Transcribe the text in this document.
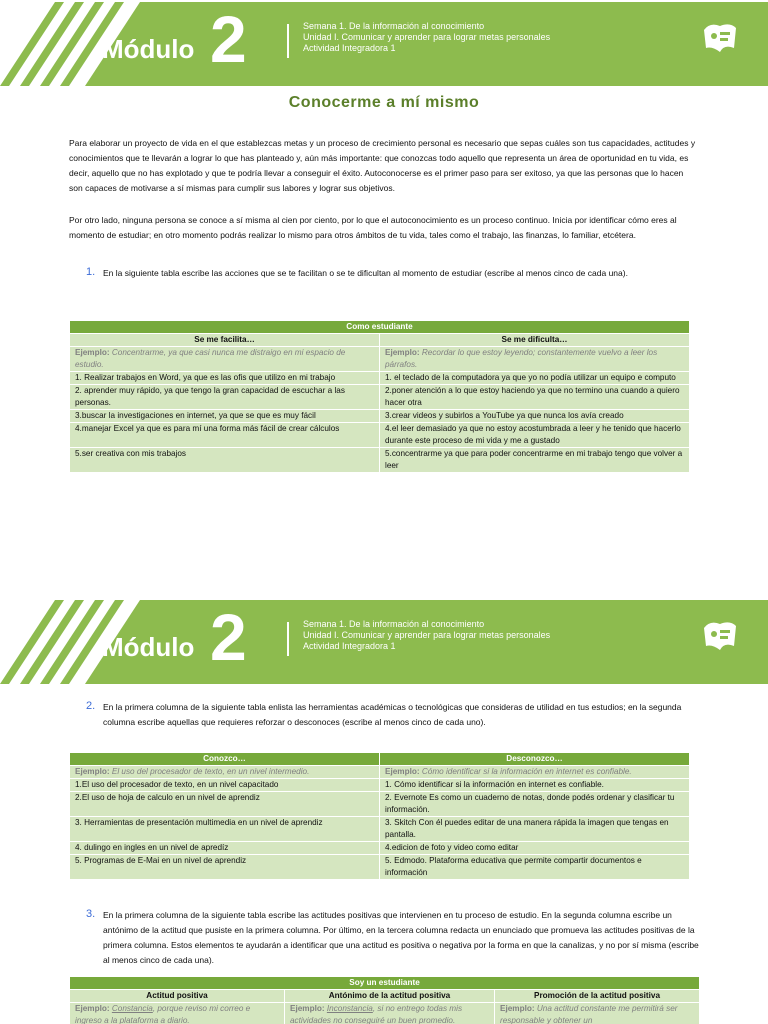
Módulo 2	Semana 1. De la información al conocimiento
Unidad I. Comunicar y aprender para lograr metas personales
Actividad Integradora 1
Conocerme a mí mismo
Para elaborar un proyecto de vida en el que establezcas metas y un proceso de crecimiento personal es necesario que sepas cuáles son tus capacidades, actitudes y conocimientos que te llevarán a lograr lo que has planteado y, aún más importante: que conozcas todo aquello que representa un área de oportunidad en tu vida, es decir, aquello que no has explotado y que te podría llevar a conseguir el éxito. Autoconocerse es el primer paso para ser exitoso, ya que las personas que lo hacen son capaces de motivarse a sí mismas para cumplir sus labores y lograr sus objetivos.
Por otro lado, ninguna persona se conoce a sí misma al cien por ciento, por lo que el autoconocimiento es un proceso continuo. Inicia por identificar cómo eres al momento de estudiar; en otro momento podrás realizar lo mismo para otros ámbitos de tu vida, tales como el trabajo, las finanzas, lo familiar, etcétera.
1. En la siguiente tabla escribe las acciones que se te facilitan o se te dificultan al momento de estudiar (escribe al menos cinco de cada una).
Como estudiante	
Se me facilita…	Se me dificulta…
Ejemplo: Concentrarme, ya que casi nunca me distraigo en mi espacio de estudio.	Ejemplo: Recordar lo que estoy leyendo; constantemente vuelvo a leer los párrafos.
1. Realizar trabajos en Word, ya que es las ofis que utilizo en mi trabajo	1. el teclado de la computadora ya que yo no podía utilizar un equipo e computo
2. aprender muy rápido, ya que tengo la gran capacidad de escuchar a las personas.	2.poner atención a lo que estoy haciendo ya que no termino una cuando a quiero hacer otra
3.buscar la investigaciones en internet, ya que se que es muy fácil	3.crear videos y subirlos a YouTube ya que nunca los avía creado
4.manejar Excel ya que es para mí una forma más fácil de crear cálculos	4.el leer demasiado ya que no estoy acostumbrada a leer y he tenido que hacerlo durante este proceso de mi vida y me a gustado
5.ser creativa con mis trabajos	5.concentrarme ya que para poder concentrarme en mi trabajo tengo que volver a leer
Módulo 2	Semana 1. De la información al conocimiento
Unidad I. Comunicar y aprender para lograr metas personales
Actividad Integradora 1
2. En la primera columna de la siguiente tabla enlista las herramientas académicas o tecnológicas que consideras de utilidad en tus estudios; en la segunda columna escribe aquellas que requieres reforzar o desconoces (escribe al menos cinco de cada uno).
Conozco…	Desconozco…
Ejemplo: El uso del procesador de texto, en un nivel intermedio.	Ejemplo: Cómo identificar si la información en internet es confiable.
1.El uso del procesador de texto, en un nivel capacitado	1. Cómo identificar si la información en internet es confiable.
2.El uso de hoja de calculo en un nivel de aprendiz	2. Evernote Es como un cuaderno de notas, donde podés ordenar y clasificar tu información.
3. Herramientas de presentación multimedia en un nivel de aprendiz	3. Skitch Con él puedes editar de una manera rápida la imagen que tengas en pantalla.
4. dulingo en ingles en un nivel de apredíz	4.edicion de foto y video como editar
5. Programas de E-Mai en un nivel de aprendiz	5. Edmodo. Plataforma educativa que permite compartir documentos e información
3. En la primera columna de la siguiente tabla escribe las actitudes positivas que intervienen en tu proceso de estudio. En la segunda columna escribe un antónimo de la actitud que pusiste en la primera columna. Por último, en la tercera columna redacta un enunciado que promueva las actitudes positivas de la primera columna. Estos elementos te ayudarán a identificar que una actitud es positiva o negativa por la forma en que la canalizas, y no por sí misma (escribe al menos cinco de cada una).
Soy un estudiante		
Actitud positiva	Antónimo de la actitud positiva	Promoción de la actitud positiva
Ejemplo: Constancia, porque reviso mi correo e ingreso a la plataforma a diario.	Ejemplo: Inconstancia, si no entrego todas mis actividades no conseguiré un buen promedio.	Ejemplo: Una actitud constante me permitirá ser responsable y obtener un
